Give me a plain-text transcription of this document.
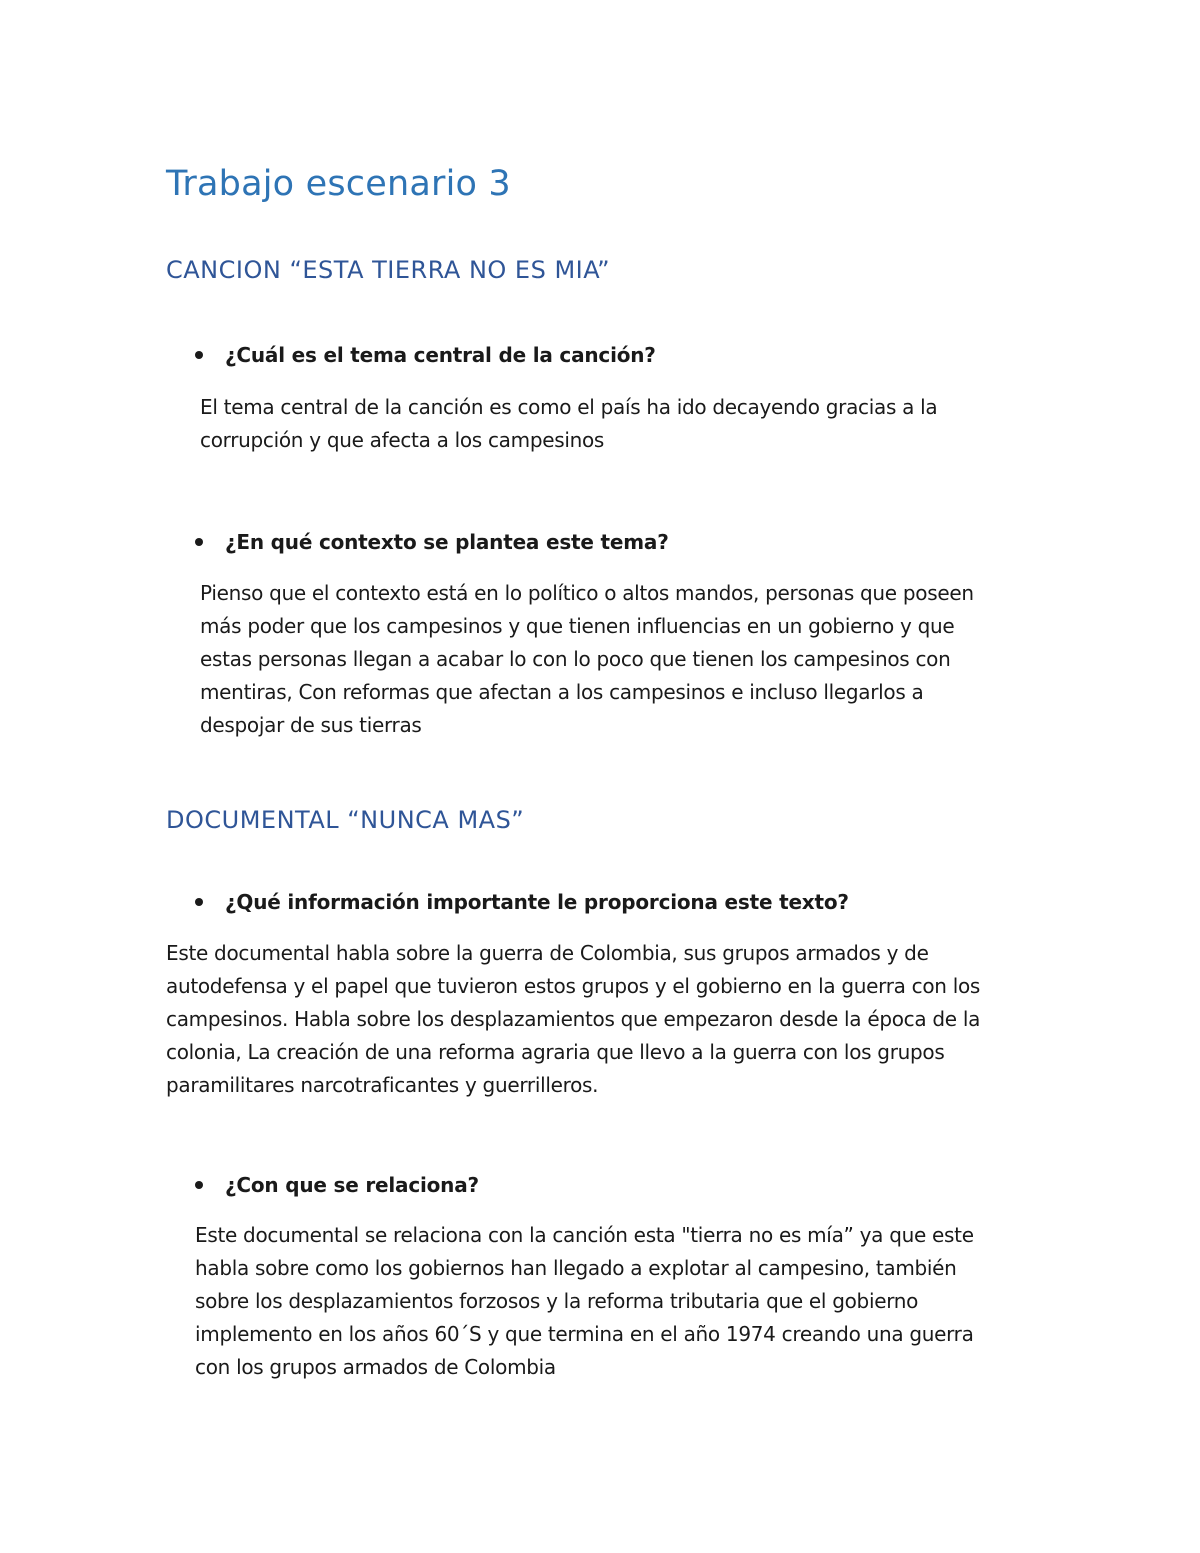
Trabajo escenario 3
CANCION “ESTA TIERRA NO ES MIA”
¿Cuál es el tema central de la canción?
El tema central de la canción es como el país ha ido decayendo gracias a la
corrupción y que afecta a los campesinos
¿En qué contexto se plantea este tema?
Pienso que el contexto está en lo político o altos mandos, personas que poseen
más poder que los campesinos y que tienen influencias en un gobierno y que
estas personas llegan a acabar lo con lo poco que tienen los campesinos con
mentiras, Con reformas que afectan a los campesinos e incluso llegarlos a
despojar de sus tierras
DOCUMENTAL “NUNCA MAS”
¿Qué información importante le proporciona este texto?
Este documental habla sobre la guerra de Colombia, sus grupos armados y de
autodefensa y el papel que tuvieron estos grupos y el gobierno en la guerra con los
campesinos. Habla sobre los desplazamientos que empezaron desde la época de la
colonia, La creación de una reforma agraria que llevo a la guerra con los grupos
paramilitares narcotraficantes y guerrilleros.
¿Con que se relaciona?
Este documental se relaciona con la canción esta "tierra no es mía” ya que este
habla sobre como los gobiernos han llegado a explotar al campesino, también
sobre los desplazamientos forzosos y la reforma tributaria que el gobierno
implemento en los años 60´S y que termina en el año 1974 creando una guerra
con los grupos armados de Colombia
